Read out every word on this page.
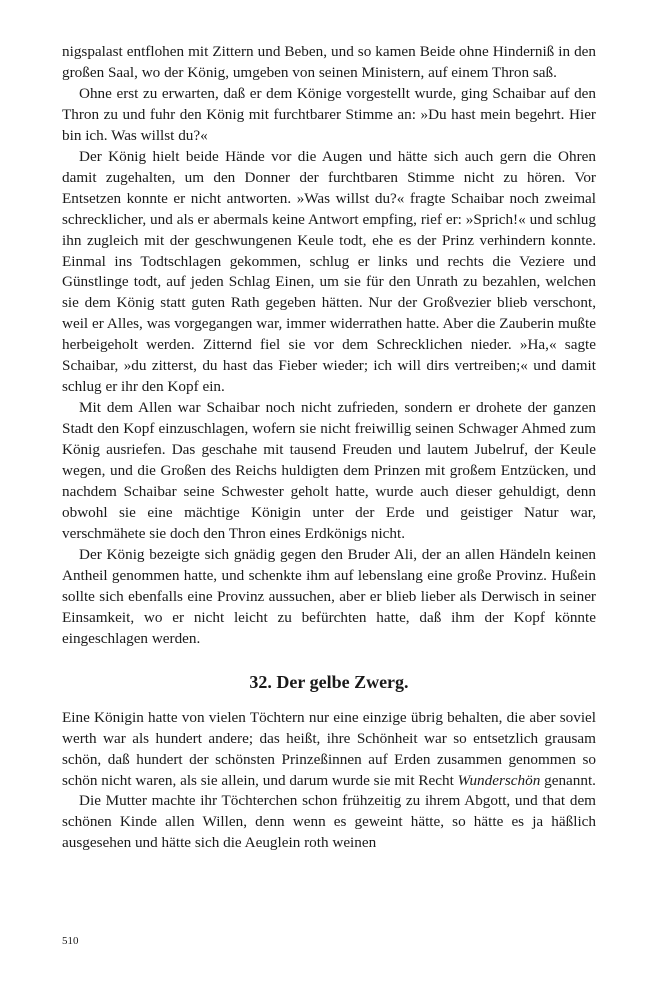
nigspalast entflohen mit Zittern und Beben, und so kamen Beide ohne Hinderniß in den großen Saal, wo der König, umgeben von seinen Ministern, auf einem Thron saß.

Ohne erst zu erwarten, daß er dem Könige vorgestellt wurde, ging Schaibar auf den Thron zu und fuhr den König mit furchtbarer Stimme an: »Du hast mein begehrt. Hier bin ich. Was willst du?«

Der König hielt beide Hände vor die Augen und hätte sich auch gern die Ohren damit zugehalten, um den Donner der furchtbaren Stimme nicht zu hören. Vor Entsetzen konnte er nicht antworten. »Was willst du?« fragte Schaibar noch zweimal schrecklicher, und als er abermals keine Antwort empfing, rief er: »Sprich!« und schlug ihn zugleich mit der geschwungenen Keule todt, ehe es der Prinz verhindern konnte. Einmal ins Todtschlagen gekommen, schlug er links und rechts die Veziere und Günstlinge todt, auf jeden Schlag Einen, um sie für den Unrath zu bezahlen, welchen sie dem König statt guten Rath gegeben hätten. Nur der Großvezier blieb verschont, weil er Alles, was vorgegangen war, immer widerrathen hatte. Aber die Zauberin mußte herbeigeholt werden. Zitternd fiel sie vor dem Schrecklichen nieder. »Ha,« sagte Schaibar, »du zitterst, du hast das Fieber wieder; ich will dirs vertreiben;« und damit schlug er ihr den Kopf ein.

Mit dem Allen war Schaibar noch nicht zufrieden, sondern er drohete der ganzen Stadt den Kopf einzuschlagen, wofern sie nicht freiwillig seinen Schwager Ahmed zum König ausriefen. Das geschahe mit tausend Freuden und lautem Jubelruf, der Keule wegen, und die Großen des Reichs huldigten dem Prinzen mit großem Entzücken, und nachdem Schaibar seine Schwester geholt hatte, wurde auch dieser gehuldigt, denn obwohl sie eine mächtige Königin unter der Erde und geistiger Natur war, verschmähete sie doch den Thron eines Erdkönigs nicht.

Der König bezeigte sich gnädig gegen den Bruder Ali, der an allen Händeln keinen Antheil genommen hatte, und schenkte ihm auf lebenslang eine große Provinz. Hußein sollte sich ebenfalls eine Provinz aussuchen, aber er blieb lieber als Derwisch in seiner Einsamkeit, wo er nicht leicht zu befürchten hatte, daß ihm der Kopf könnte eingeschlagen werden.

32. Der gelbe Zwerg.

Eine Königin hatte von vielen Töchtern nur eine einzige übrig behalten, die aber soviel werth war als hundert andere; das heißt, ihre Schönheit war so entsetzlich grausam schön, daß hundert der schönsten Prinzeßinnen auf Erden zusammen genommen so schön nicht waren, als sie allein, und darum wurde sie mit Recht Wunderschön genannt.

Die Mutter machte ihr Töchterchen schon frühzeitig zu ihrem Abgott, und that dem schönen Kinde allen Willen, denn wenn es geweint hätte, so hätte es ja häßlich ausgesehen und hätte sich die Aeuglein roth weinen

510
